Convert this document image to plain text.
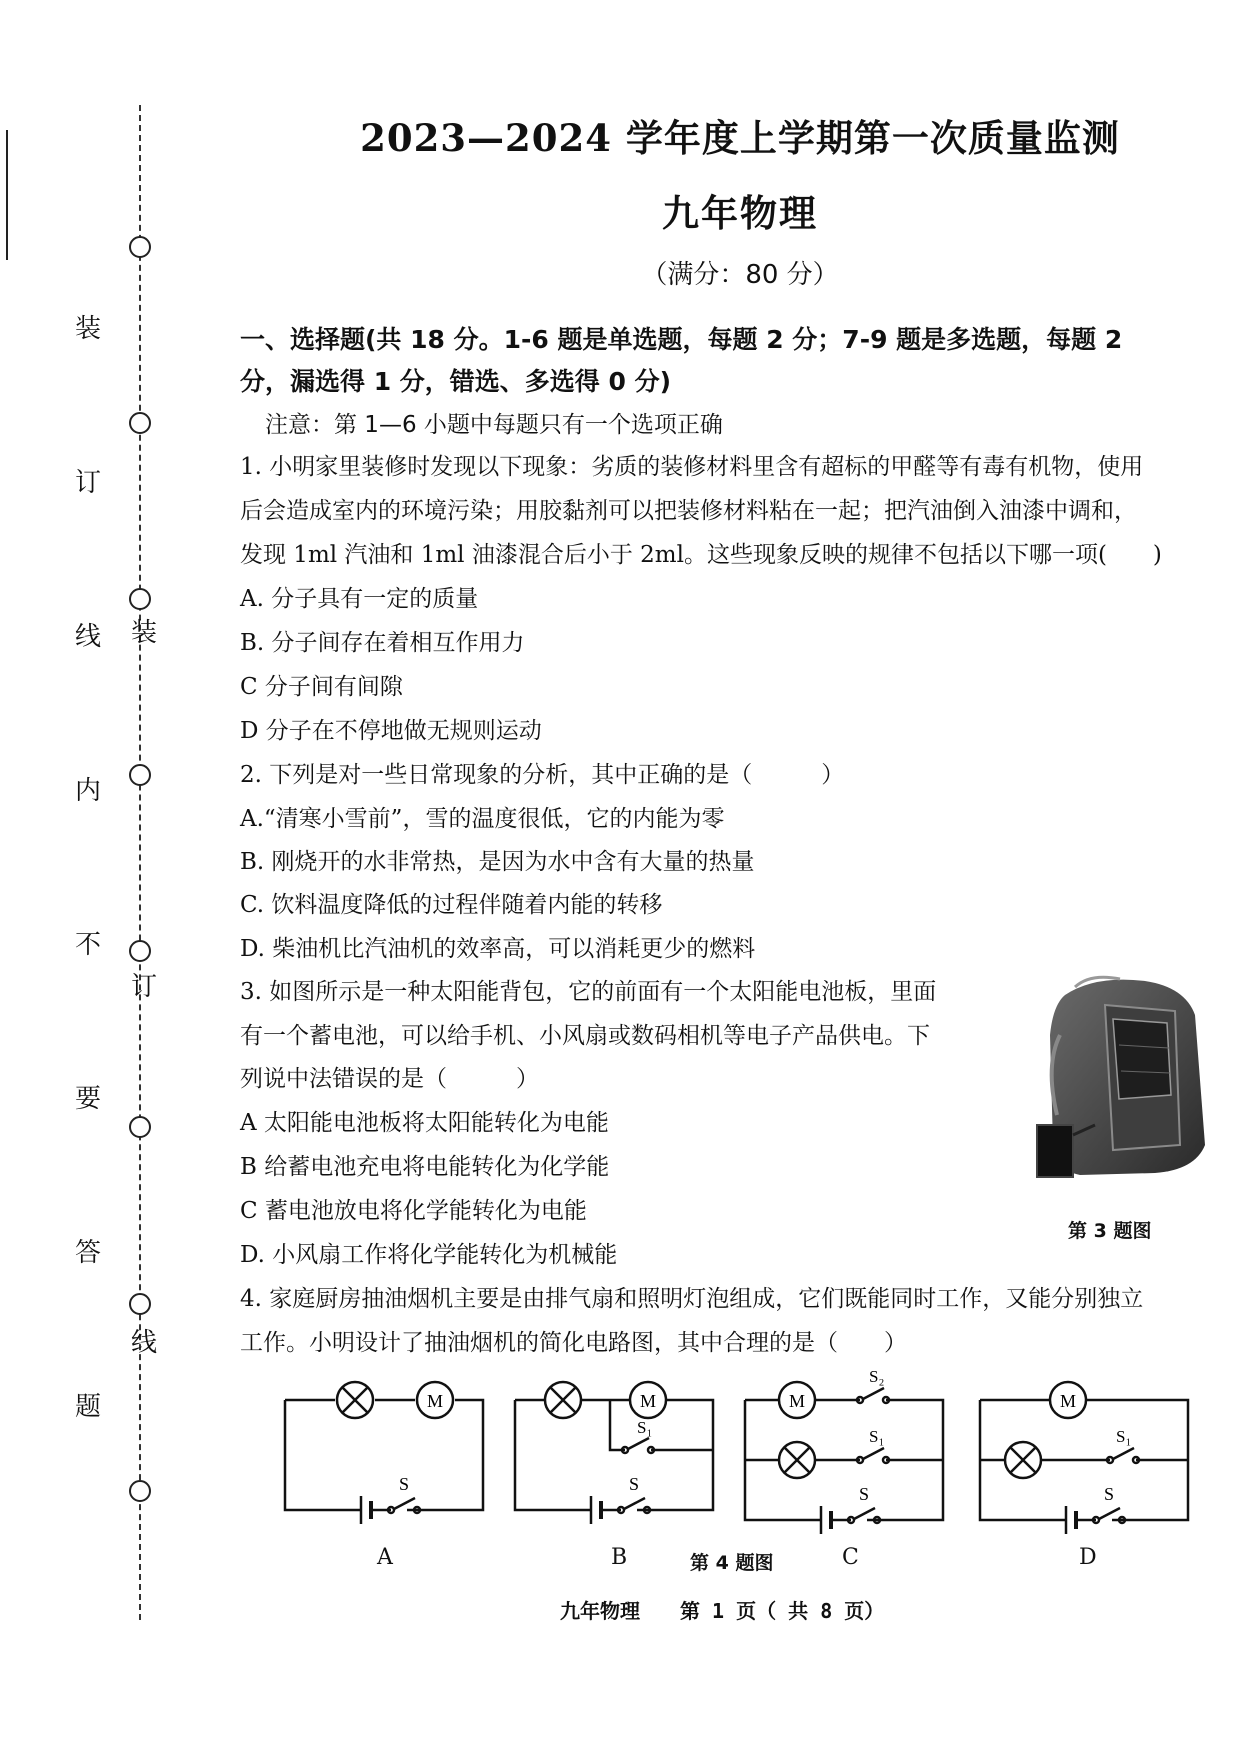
装
订
线
内
不
要
答
题
装
订
线
2023—2024 学年度上学期第一次质量监测
九年物理
（满分：80 分）
一、选择题(共 18 分。1-6 题是单选题，每题 2 分；7-9 题是多选题，每题 2
分，漏选得 1 分，错选、多选得 0 分)
注意：第 1—6 小题中每题只有一个选项正确
1. 小明家里装修时发现以下现象：劣质的装修材料里含有超标的甲醛等有毒有机物，使用
后会造成室内的环境污染；用胶黏剂可以把装修材料粘在一起；把汽油倒入油漆中调和，
发现 1ml 汽油和 1ml 油漆混合后小于 2ml。这些现象反映的规律不包括以下哪一项(　　)
A. 分子具有一定的质量
B. 分子间存在着相互作用力
C 分子间有间隙
D 分子在不停地做无规则运动
2. 下列是对一些日常现象的分析，其中正确的是（　　　）
A.“清寒小雪前”，雪的温度很低，它的内能为零
B. 刚烧开的水非常热，是因为水中含有大量的热量
C. 饮料温度降低的过程伴随着内能的转移
D. 柴油机比汽油机的效率高，可以消耗更少的燃料
3. 如图所示是一种太阳能背包，它的前面有一个太阳能电池板，里面
有一个蓄电池，可以给手机、小风扇或数码相机等电子产品供电。下
列说中法错误的是（　　　）
A 太阳能电池板将太阳能转化为电能
B 给蓄电池充电将电能转化为化学能
C 蓄电池放电将化学能转化为电能
D. 小风扇工作将化学能转化为机械能
第 3 题图
4. 家庭厨房抽油烟机主要是由排气扇和照明灯泡组成，它们既能同时工作，又能分别独立
工作。小明设计了抽油烟机的简化电路图，其中合理的是（　　）
M
S
M
S₁
S
M
S₂
S₁
S
M
S₁
S
A	B	第 4 题图	C	D
九年物理　　第 1 页（ 共 8 页）
